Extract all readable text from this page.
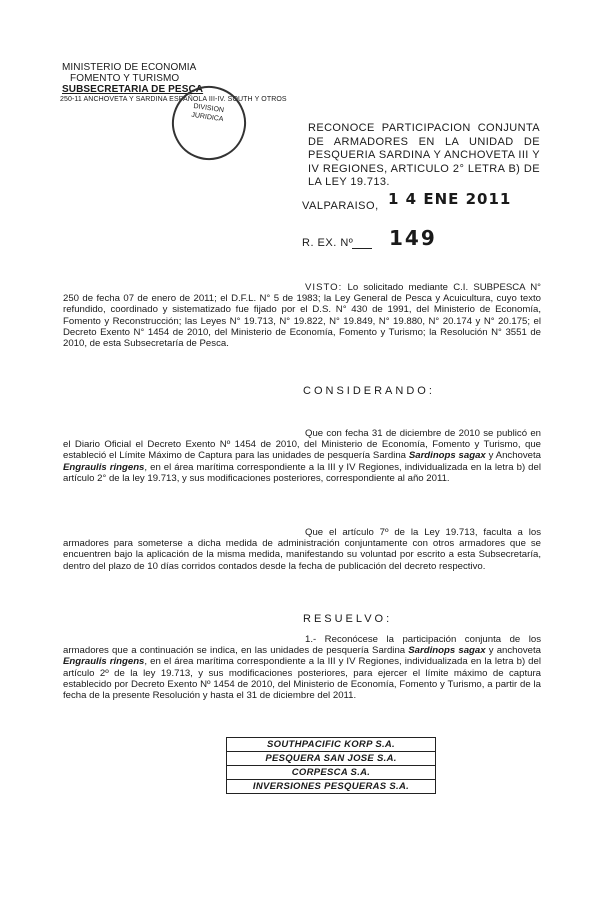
MINISTERIO DE ECONOMIA
FOMENTO Y TURISMO
SUBSECRETARIA DE PESCA
250-11 ANCHOVETA Y SARDINA ESPAÑOLA III-IV. SOUTH Y OTROS
DIVISION JURIDICA
RECONOCE PARTICIPACION CONJUNTA DE ARMADORES EN LA UNIDAD DE PESQUERIA SARDINA Y ANCHOVETA III Y IV REGIONES, ARTICULO 2° LETRA B) DE LA LEY 19.713.
VALPARAISO, 1 4 ENE 2011
R. EX. Nº 149
VISTO: Lo solicitado mediante C.I. SUBPESCA N° 250 de fecha 07 de enero de 2011; el D.F.L. N° 5 de 1983; la Ley General de Pesca y Acuicultura, cuyo texto refundido, coordinado y sistematizado fue fijado por el D.S. N° 430 de 1991, del Ministerio de Economía, Fomento y Reconstrucción; las Leyes N° 19.713, N° 19.822, N° 19.849, N° 19.880, N° 20.174 y N° 20.175; el Decreto Exento N° 1454 de 2010, del Ministerio de Economía, Fomento y Turismo; la Resolución N° 3551 de 2010, de esta Subsecretaría de Pesca.
CONSIDERANDO:
Que con fecha 31 de diciembre de 2010 se publicó en el Diario Oficial el Decreto Exento Nº 1454 de 2010, del Ministerio de Economía, Fomento y Turismo, que estableció el Límite Máximo de Captura para las unidades de pesquería Sardina Sardinops sagax y Anchoveta Engraulis ringens, en el área marítima correspondiente a la III y IV Regiones, individualizada en la letra b) del artículo 2° de la ley 19.713, y sus modificaciones posteriores, correspondiente al año 2011.
Que el artículo 7º de la Ley 19.713, faculta a los armadores para someterse a dicha medida de administración conjuntamente con otros armadores que se encuentren bajo la aplicación de la misma medida, manifestando su voluntad por escrito a esta Subsecretaría, dentro del plazo de 10 días corridos contados desde la fecha de publicación del decreto respectivo.
RESUELVO:
1.- Reconócese la participación conjunta de los armadores que a continuación se indica, en las unidades de pesquería Sardina Sardinops sagax y anchoveta Engraulis ringens, en el área marítima correspondiente a la III y IV Regiones, individualizada en la letra b) del artículo 2º de la ley 19.713, y sus modificaciones posteriores, para ejercer el límite máximo de captura establecido por Decreto Exento Nº 1454 de 2010, del Ministerio de Economía, Fomento y Turismo, a partir de la fecha de la presente Resolución y hasta el 31 de diciembre del 2011.
SOUTHPACIFIC KORP S.A.
PESQUERA SAN JOSE S.A.
CORPESCA S.A.
INVERSIONES PESQUERAS S.A.
